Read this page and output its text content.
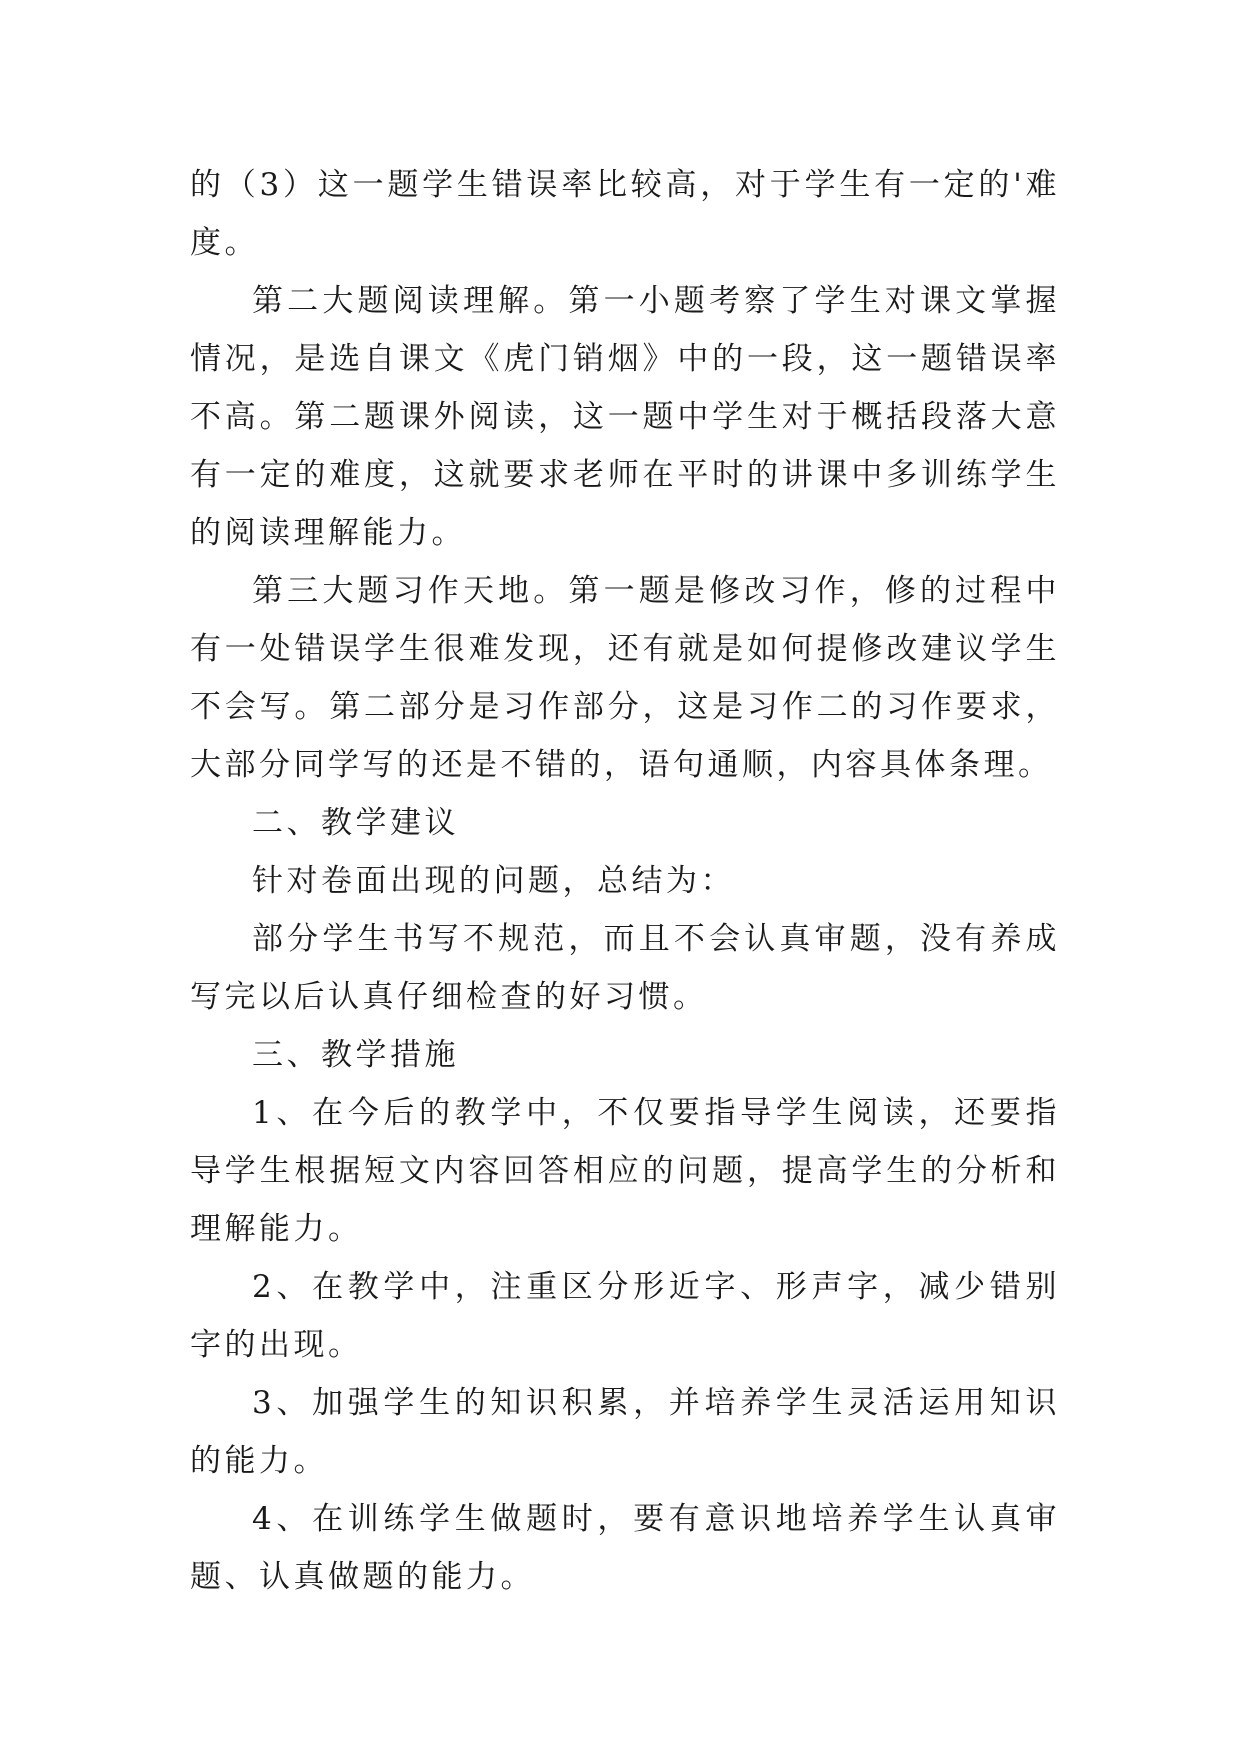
的（3）这一题学生错误率比较高，对于学生有一定的'难度。

第二大题阅读理解。第一小题考察了学生对课文掌握情况，是选自课文《虎门销烟》中的一段，这一题错误率不高。第二题课外阅读，这一题中学生对于概括段落大意有一定的难度，这就要求老师在平时的讲课中多训练学生的阅读理解能力。

第三大题习作天地。第一题是修改习作，修的过程中有一处错误学生很难发现，还有就是如何提修改建议学生不会写。第二部分是习作部分，这是习作二的习作要求，大部分同学写的还是不错的，语句通顺，内容具体条理。

二、教学建议

针对卷面出现的问题，总结为：

部分学生书写不规范，而且不会认真审题，没有养成写完以后认真仔细检查的好习惯。

三、教学措施

1、在今后的教学中，不仅要指导学生阅读，还要指导学生根据短文内容回答相应的问题，提高学生的分析和理解能力。

2、在教学中，注重区分形近字、形声字，减少错别字的出现。

3、加强学生的知识积累，并培养学生灵活运用知识的能力。

4、在训练学生做题时，要有意识地培养学生认真审题、认真做题的能力。
